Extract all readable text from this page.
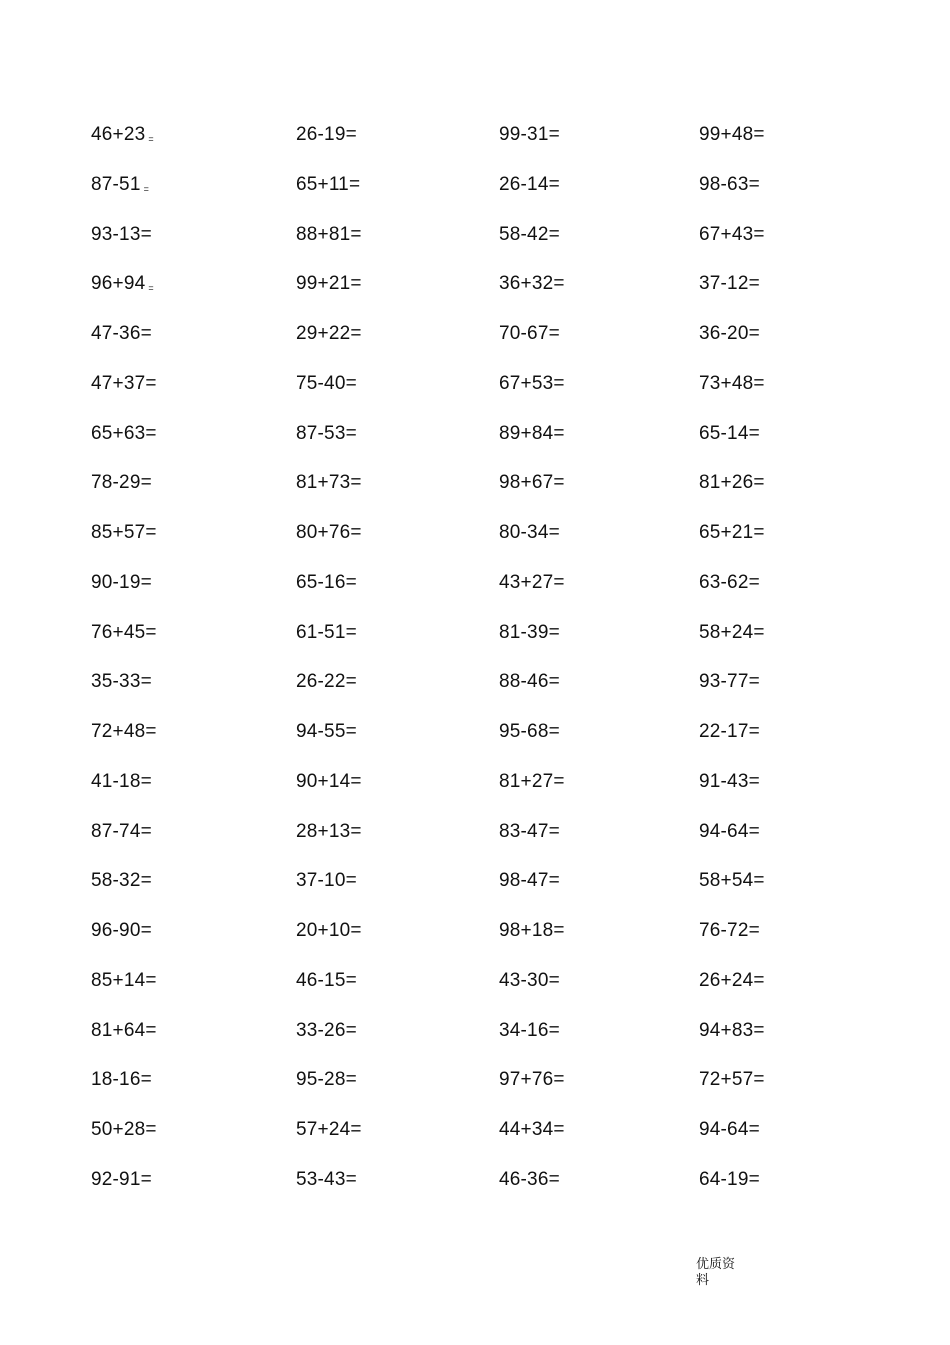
46+23 =	26-19=	99-31=	99+48=
87-51 =	65+11=	26-14=	98-63=
93-13=	88+81=	58-42=	67+43=
96+94 =	99+21=	36+32=	37-12=
47-36=	29+22=	70-67=	36-20=
47+37=	75-40=	67+53=	73+48=
65+63=	87-53=	89+84=	65-14=
78-29=	81+73=	98+67=	81+26=
85+57=	80+76=	80-34=	65+21=
90-19=	65-16=	43+27=	63-62=
76+45=	61-51=	81-39=	58+24=
35-33=	26-22=	88-46=	93-77=
72+48=	94-55=	95-68=	22-17=
41-18=	90+14=	81+27=	91-43=
87-74=	28+13=	83-47=	94-64=
58-32=	37-10=	98-47=	58+54=
96-90=	20+10=	98+18=	76-72=
85+14=	46-15=	43-30=	26+24=
81+64=	33-26=	34-16=	94+83=
18-16=	95-28=	97+76=	72+57=
50+28=	57+24=	44+34=	94-64=
92-91=	53-43=	46-36=	64-19=
优质资料
